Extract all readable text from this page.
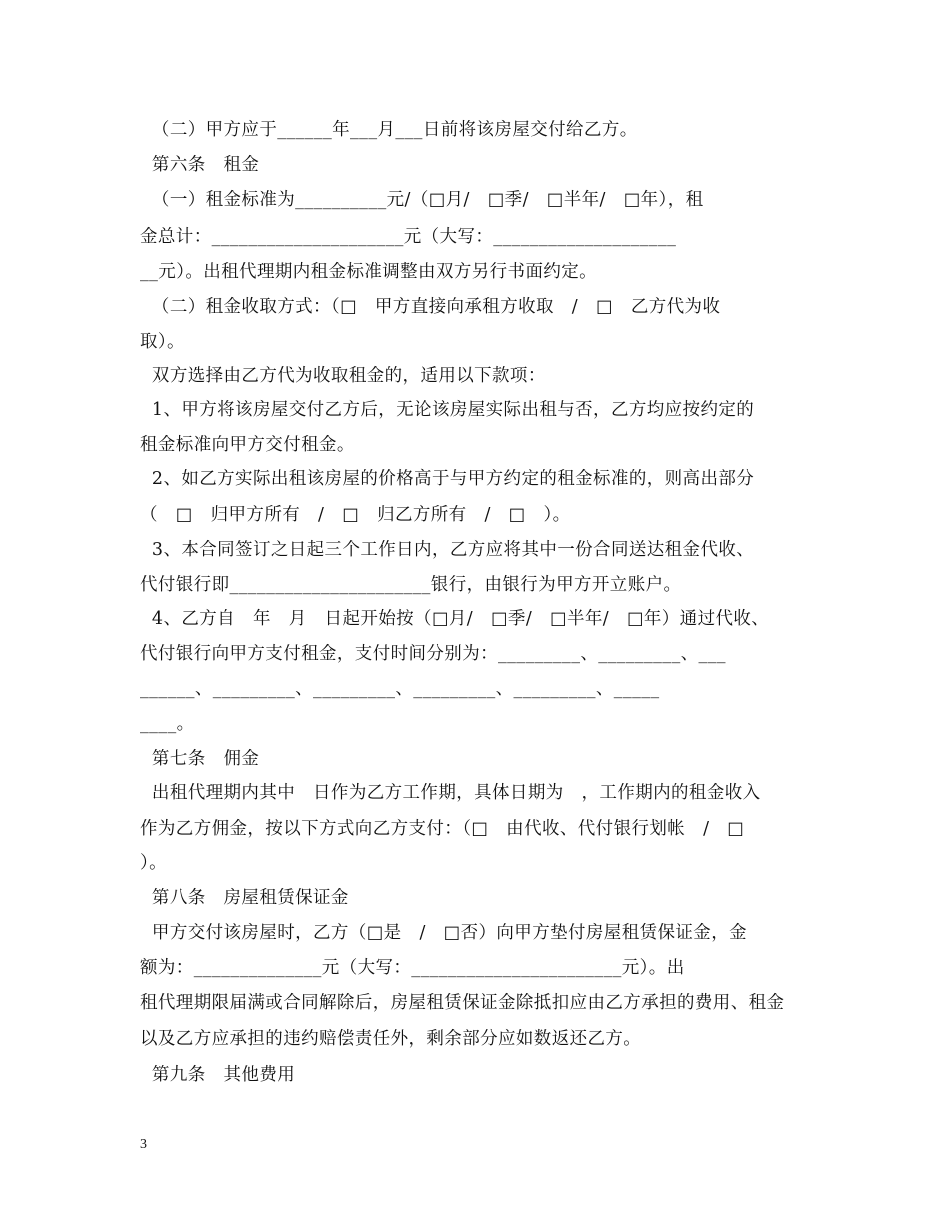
（二）甲方应于______年___月___日前将该房屋交付给乙方。
第六条　租金
（一）租金标准为__________元/（□月/　□季/　□半年/　□年），租
金总计：_____________________元（大写：____________________
__元）。出租代理期内租金标准调整由双方另行书面约定。
（二）租金收取方式：（□　甲方直接向承租方收取　/　□　乙方代为收
取）。
双方选择由乙方代为收取租金的，适用以下款项：
1、甲方将该房屋交付乙方后，无论该房屋实际出租与否，乙方均应按约定的
租金标准向甲方交付租金。
2、如乙方实际出租该房屋的价格高于与甲方约定的租金标准的，则高出部分
（　□　归甲方所有　/　□　归乙方所有　/　□　）。
3、本合同签订之日起三个工作日内，乙方应将其中一份合同送达租金代收、
代付银行即______________________银行，由银行为甲方开立账户。
4、乙方自　年　月　日起开始按（□月/　□季/　□半年/　□年）通过代收、
代付银行向甲方支付租金，支付时间分别为：_________、_________、___
______、_________、_________、_________、_________、_____
____。
第七条　佣金
出租代理期内其中　日作为乙方工作期，具体日期为　，工作期内的租金收入
作为乙方佣金，按以下方式向乙方支付：（□　由代收、代付银行划帐　/　□
）。
第八条　房屋租赁保证金
甲方交付该房屋时，乙方（□是　/　□否）向甲方垫付房屋租赁保证金，金
额为：______________元（大写：_______________________元）。出
租代理期限届满或合同解除后，房屋租赁保证金除抵扣应由乙方承担的费用、租金
以及乙方应承担的违约赔偿责任外，剩余部分应如数返还乙方。
第九条　其他费用
3
